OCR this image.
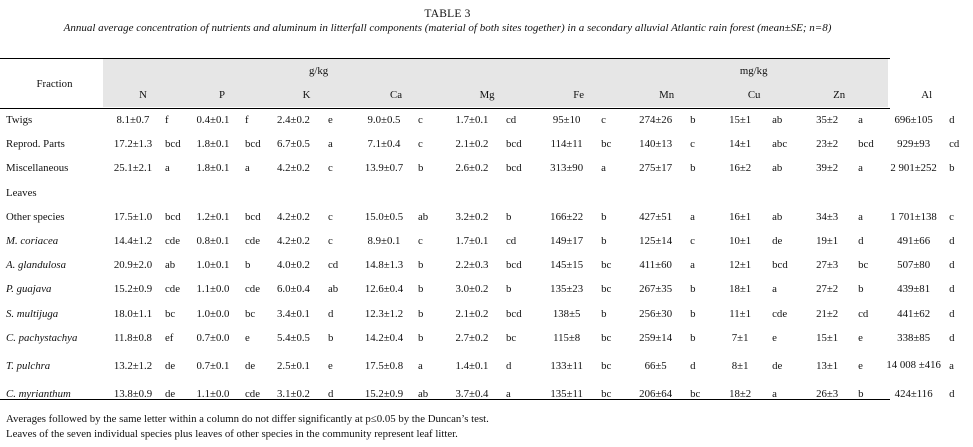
TABLE 3
Annual average concentration of nutrients and aluminum in litterfall components (material of both sites together) in a secondary alluvial Atlantic rain forest (mean±SE; n=8)
Fraction	g/kg										mg/kg									
	N		P		K		Ca		Mg		Fe		Mn		Cu		Zn		Al	
Twigs	8.1±0.7	f	0.4±0.1	f	2.4±0.2	e	9.0±0.5	c	1.7±0.1	cd	95±10	c	274±26	b	15±1	ab	35±2	a	696±105	d
Reprod. Parts	17.2±1.3	bcd	1.8±0.1	bcd	6.7±0.5	a	7.1±0.4	c	2.1±0.2	bcd	114±11	bc	140±13	c	14±1	abc	23±2	bcd	929±93	cd
Miscellaneous	25.1±2.1	a	1.8±0.1	a	4.2±0.2	c	13.9±0.7	b	2.6±0.2	bcd	313±90	a	275±17	b	16±2	ab	39±2	a	2 901±252	b
Leaves																				
Other species	17.5±1.0	bcd	1.2±0.1	bcd	4.2±0.2	c	15.0±0.5	ab	3.2±0.2	b	166±22	b	427±51	a	16±1	ab	34±3	a	1 701±138	c
M. coriacea	14.4±1.2	cde	0.8±0.1	cde	4.2±0.2	c	8.9±0.1	c	1.7±0.1	cd	149±17	b	125±14	c	10±1	de	19±1	d	491±66	d
A. glandulosa	20.9±2.0	ab	1.0±0.1	b	4.0±0.2	cd	14.8±1.3	b	2.2±0.3	bcd	145±15	bc	411±60	a	12±1	bcd	27±3	bc	507±80	d
P. guajava	15.2±0.9	cde	1.1±0.0	cde	6.0±0.4	ab	12.6±0.4	b	3.0±0.2	b	135±23	bc	267±35	b	18±1	a	27±2	b	439±81	d
S. multijuga	18.0±1.1	bc	1.0±0.0	bc	3.4±0.1	d	12.3±1.2	b	2.1±0.2	bcd	138±5	b	256±30	b	11±1	cde	21±2	cd	441±62	d
C. pachystachya	11.8±0.8	ef	0.7±0.0	e	5.4±0.5	b	14.2±0.4	b	2.7±0.2	bc	115±8	bc	259±14	b	7±1	e	15±1	e	338±85	d
T. pulchra	13.2±1.2	de	0.7±0.1	de	2.5±0.1	e	17.5±0.8	a	1.4±0.1	d	133±11	bc	66±5	d	8±1	de	13±1	e	14 008 ±416	a
C. myrianthum	13.8±0.9	de	1.1±0.0	cde	3.1±0.2	d	15.2±0.9	ab	3.7±0.4	a	135±11	bc	206±64	bc	18±2	a	26±3	b	424±116	d
Averages followed by the same letter within a column do not differ significantly at p≤0.05 by the Duncan’s test.
Leaves of the seven individual species plus leaves of other species in the community represent leaf litter.
